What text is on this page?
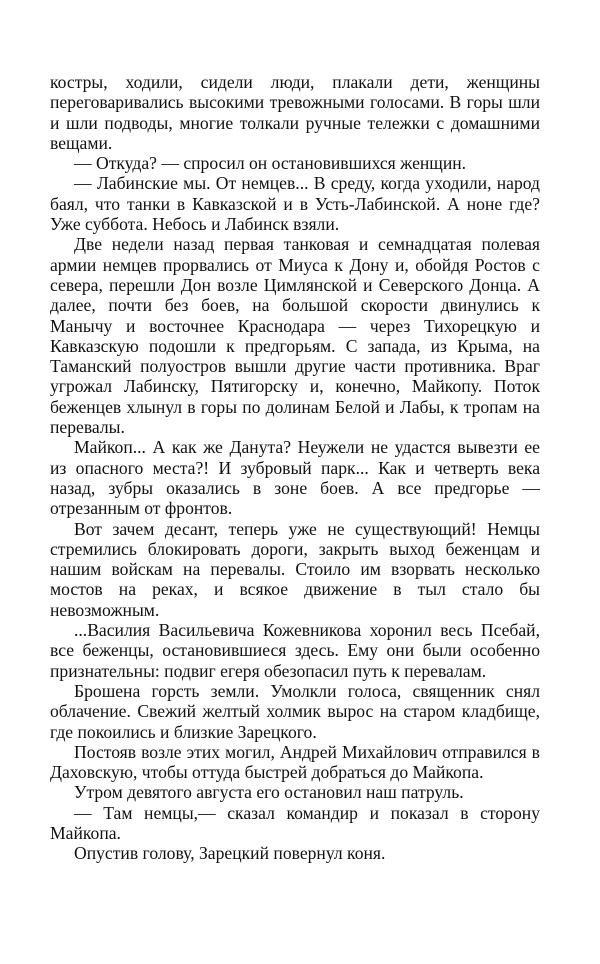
костры, ходили, сидели люди, плакали дети, женщины переговаривались высокими тревожными голосами. В горы шли и шли подводы, многие толкали ручные тележки с домашними вещами.

— Откуда? — спросил он остановившихся женщин.

— Лабинские мы. От немцев... В среду, когда уходили, народ баял, что танки в Кавказской и в Усть-Лабинской. А ноне где? Уже суббота. Небось и Лабинск взяли.

Две недели назад первая танковая и семнадцатая полевая армии немцев прорвались от Миуса к Дону и, обойдя Ростов с севера, перешли Дон возле Цимлянской и Северского Донца. А далее, почти без боев, на большой скорости двинулись к Манычу и восточнее Краснодара — через Тихорецкую и Кавказскую подошли к предгорьям. С запада, из Крыма, на Таманский полуостров вышли другие части противника. Враг угрожал Лабинску, Пятигорску и, конечно, Майкопу. Поток беженцев хлынул в горы по долинам Белой и Лабы, к тропам на перевалы.

Майкоп... А как же Данута? Неужели не удастся вывезти ее из опасного места?! И зубровый парк... Как и четверть века назад, зубры оказались в зоне боев. А все предгорье — отрезанным от фронтов.

Вот зачем десант, теперь уже не существующий! Немцы стремились блокировать дороги, закрыть выход беженцам и нашим войскам на перевалы. Стоило им взорвать несколько мостов на реках, и всякое движение в тыл стало бы невозможным.

...Василия Васильевича Кожевникова хоронил весь Псебай, все беженцы, остановившиеся здесь. Ему они были особенно признательны: подвиг егеря обезопасил путь к перевалам.

Брошена горсть земли. Умолкли голоса, священник снял облачение. Свежий желтый холмик вырос на старом кладбище, где покоились и близкие Зарецкого.

Постояв возле этих могил, Андрей Михайлович отправился в Даховскую, чтобы оттуда быстрей добраться до Майкопа.

Утром девятого августа его остановил наш патруль.

— Там немцы,— сказал командир и показал в сторону Майкопа.

Опустив голову, Зарецкий повернул коня.
